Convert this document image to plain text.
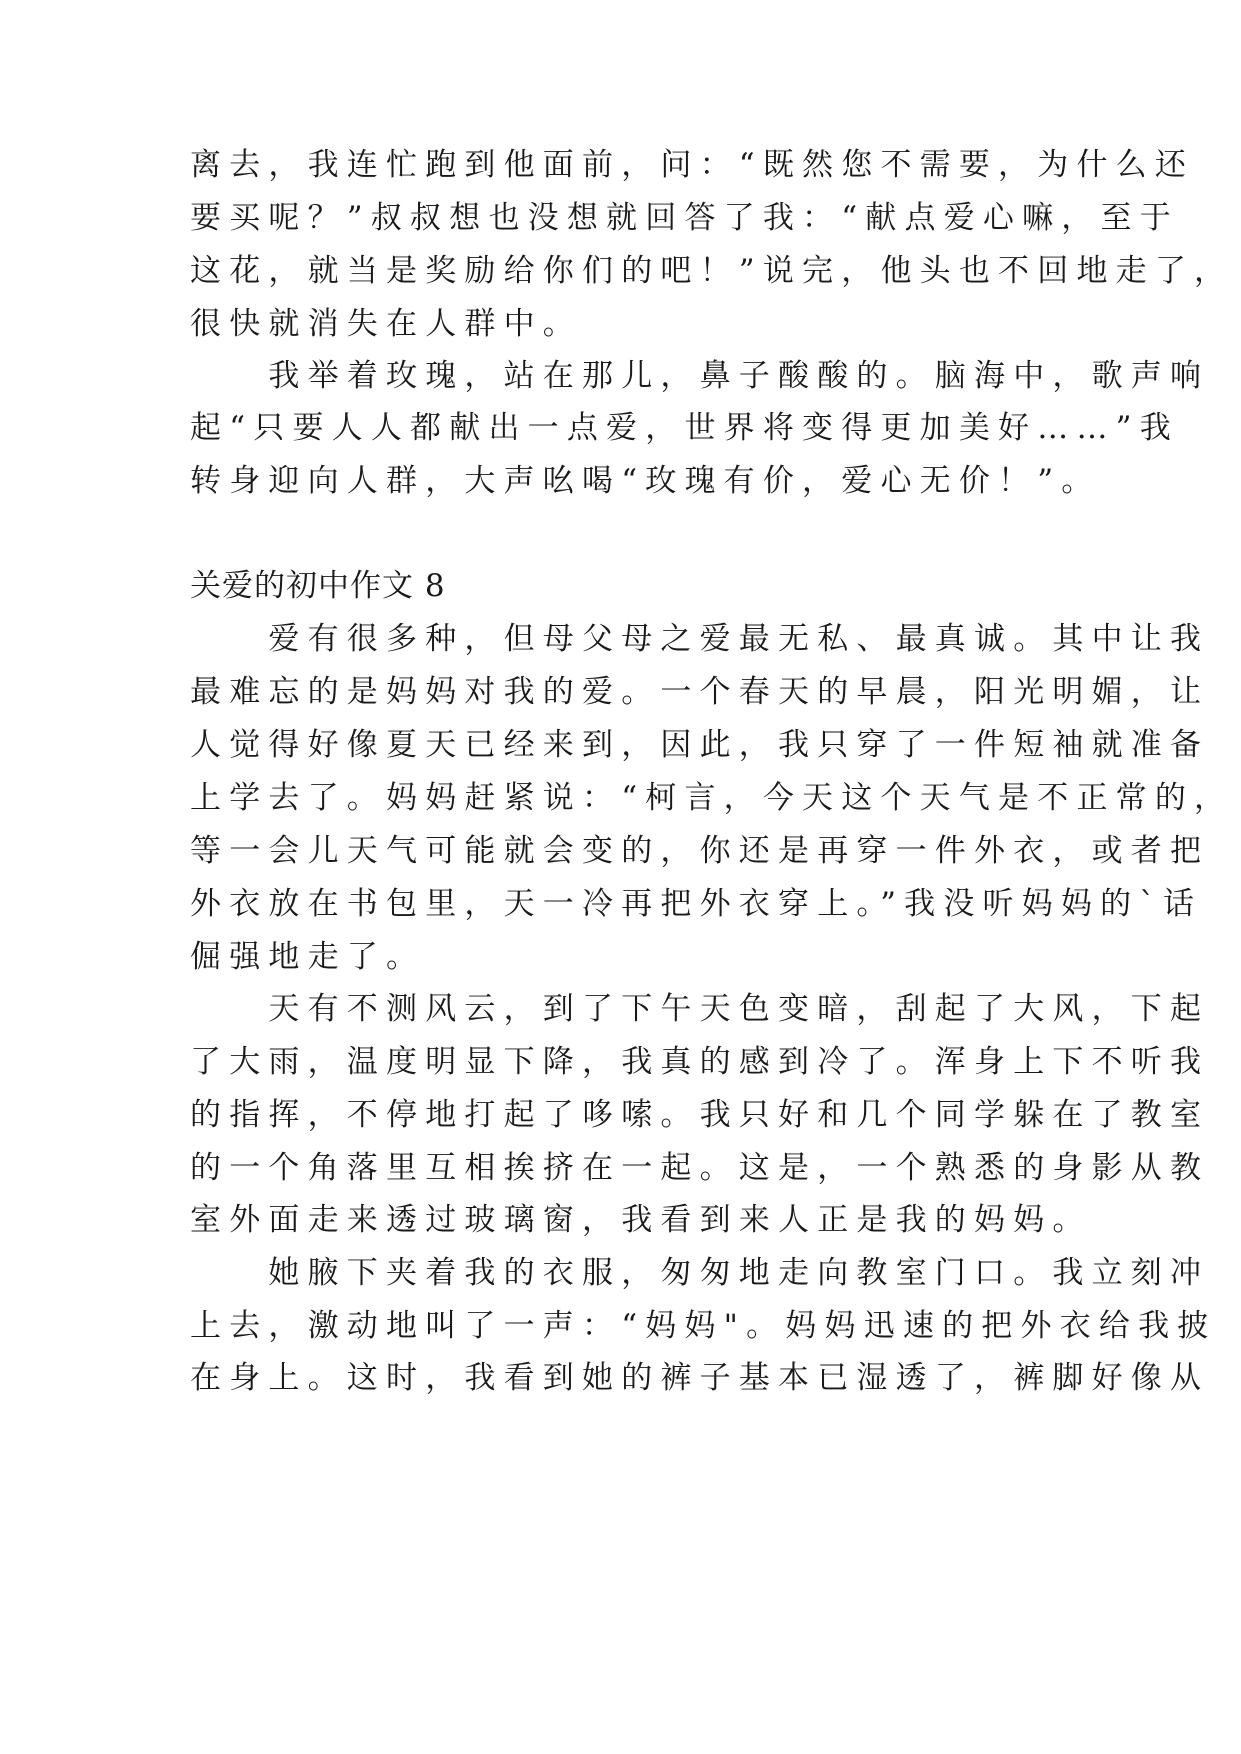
离去，我连忙跑到他面前，问：“既然您不需要，为什么还
要买呢？”叔叔想也没想就回答了我：“献点爱心嘛，至于
这花，就当是奖励给你们的吧！”说完，他头也不回地走了，
很快就消失在人群中。
　　我举着玫瑰，站在那儿，鼻子酸酸的。脑海中，歌声响
起“只要人人都献出一点爱，世界将变得更加美好……”我
转身迎向人群，大声吆喝“玫瑰有价，爱心无价！”。
关爱的初中作文 8
　　爱有很多种，但母父母之爱最无私、最真诚。其中让我
最难忘的是妈妈对我的爱。一个春天的早晨，阳光明媚，让
人觉得好像夏天已经来到，因此，我只穿了一件短袖就准备
上学去了。妈妈赶紧说：“柯言，今天这个天气是不正常的，
等一会儿天气可能就会变的，你还是再穿一件外衣，或者把
外衣放在书包里，天一冷再把外衣穿上。”我没听妈妈的`话
倔强地走了。
　　天有不测风云，到了下午天色变暗，刮起了大风，下起
了大雨，温度明显下降，我真的感到冷了。浑身上下不听我
的指挥，不停地打起了哆嗦。我只好和几个同学躲在了教室
的一个角落里互相挨挤在一起。这是，一个熟悉的身影从教
室外面走来透过玻璃窗，我看到来人正是我的妈妈。
　　她腋下夹着我的衣服，匆匆地走向教室门口。我立刻冲
上去，激动地叫了一声：“妈妈"。妈妈迅速的把外衣给我披
在身上。这时，我看到她的裤子基本已湿透了，裤脚好像从
